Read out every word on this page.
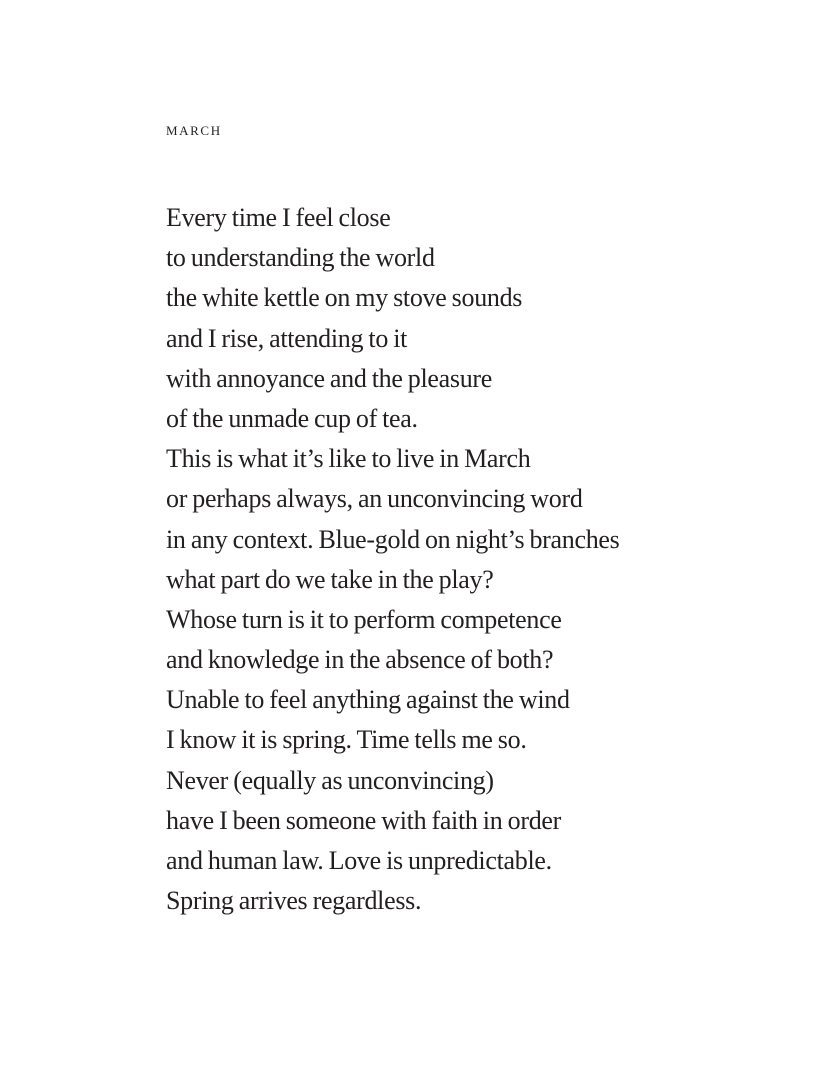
march
Every time I feel close
to understanding the world
the white kettle on my stove sounds
and I rise, attending to it
with annoyance and the pleasure
of the unmade cup of tea.
This is what it’s like to live in March
or perhaps always, an unconvincing word
in any context. Blue-gold on night’s branches
what part do we take in the play?
Whose turn is it to perform competence
and knowledge in the absence of both?
Unable to feel anything against the wind
I know it is spring. Time tells me so.
Never (equally as unconvincing)
have I been someone with faith in order
and human law. Love is unpredictable.
Spring arrives regardless.
